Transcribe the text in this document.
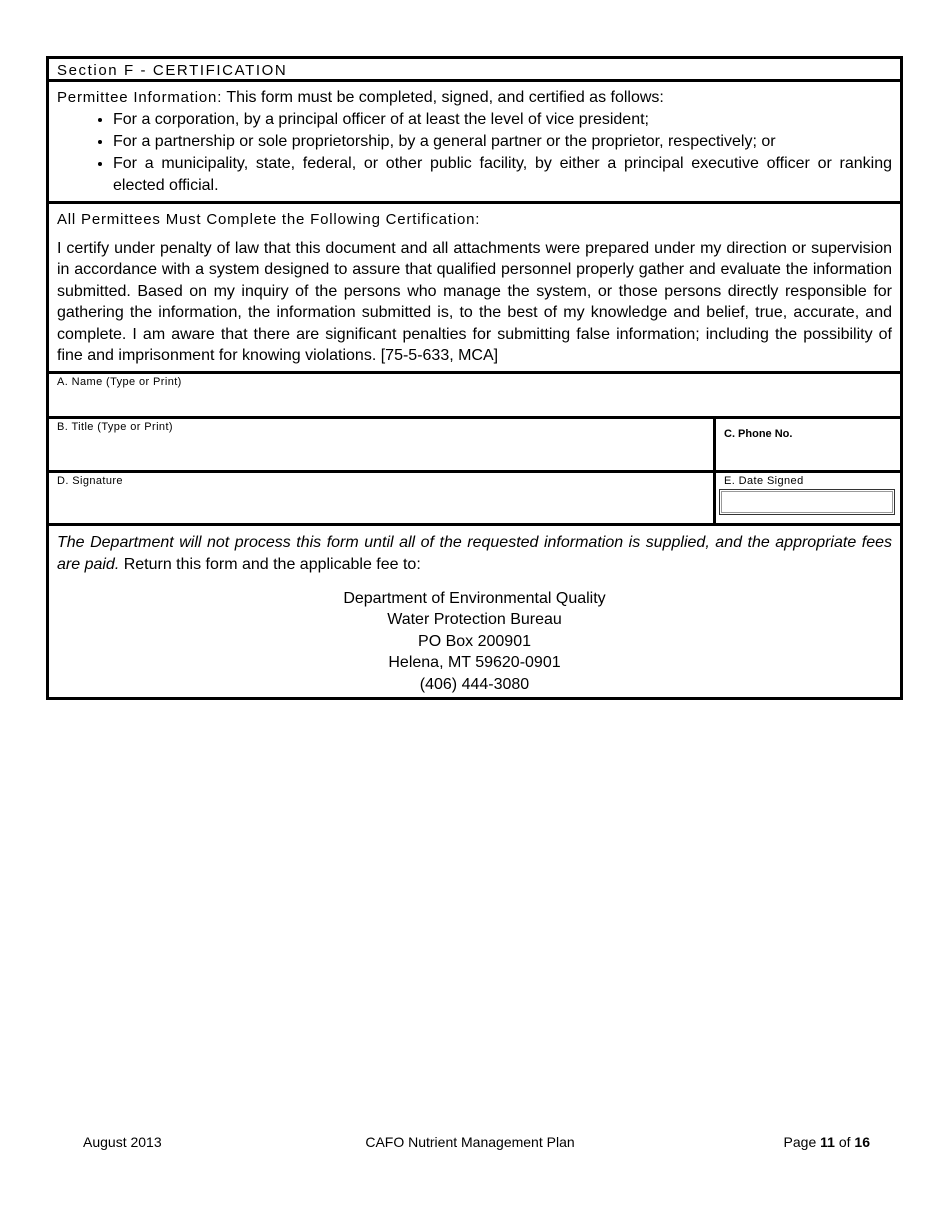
Section F - CERTIFICATION
Permittee Information: This form must be completed, signed, and certified as follows:
• For a corporation, by a principal officer of at least the level of vice president;
• For a partnership or sole proprietorship, by a general partner or the proprietor, respectively; or
• For a municipality, state, federal, or other public facility, by either a principal executive officer or ranking elected official.
All Permittees Must Complete the Following Certification:
I certify under penalty of law that this document and all attachments were prepared under my direction or supervision in accordance with a system designed to assure that qualified personnel properly gather and evaluate the information submitted. Based on my inquiry of the persons who manage the system, or those persons directly responsible for gathering the information, the information submitted is, to the best of my knowledge and belief, true, accurate, and complete. I am aware that there are significant penalties for submitting false information; including the possibility of fine and imprisonment for knowing violations. [75-5-633, MCA]
A. Name (Type or Print)
B. Title (Type or Print)
C. Phone No.
D. Signature	E. Date Signed
The Department will not process this form until all of the requested information is supplied, and the appropriate fees are paid. Return this form and the applicable fee to:
Department of Environmental Quality
Water Protection Bureau
PO Box 200901
Helena, MT 59620-0901
(406) 444-3080
August 2013	CAFO Nutrient Management Plan	Page 11 of 16
